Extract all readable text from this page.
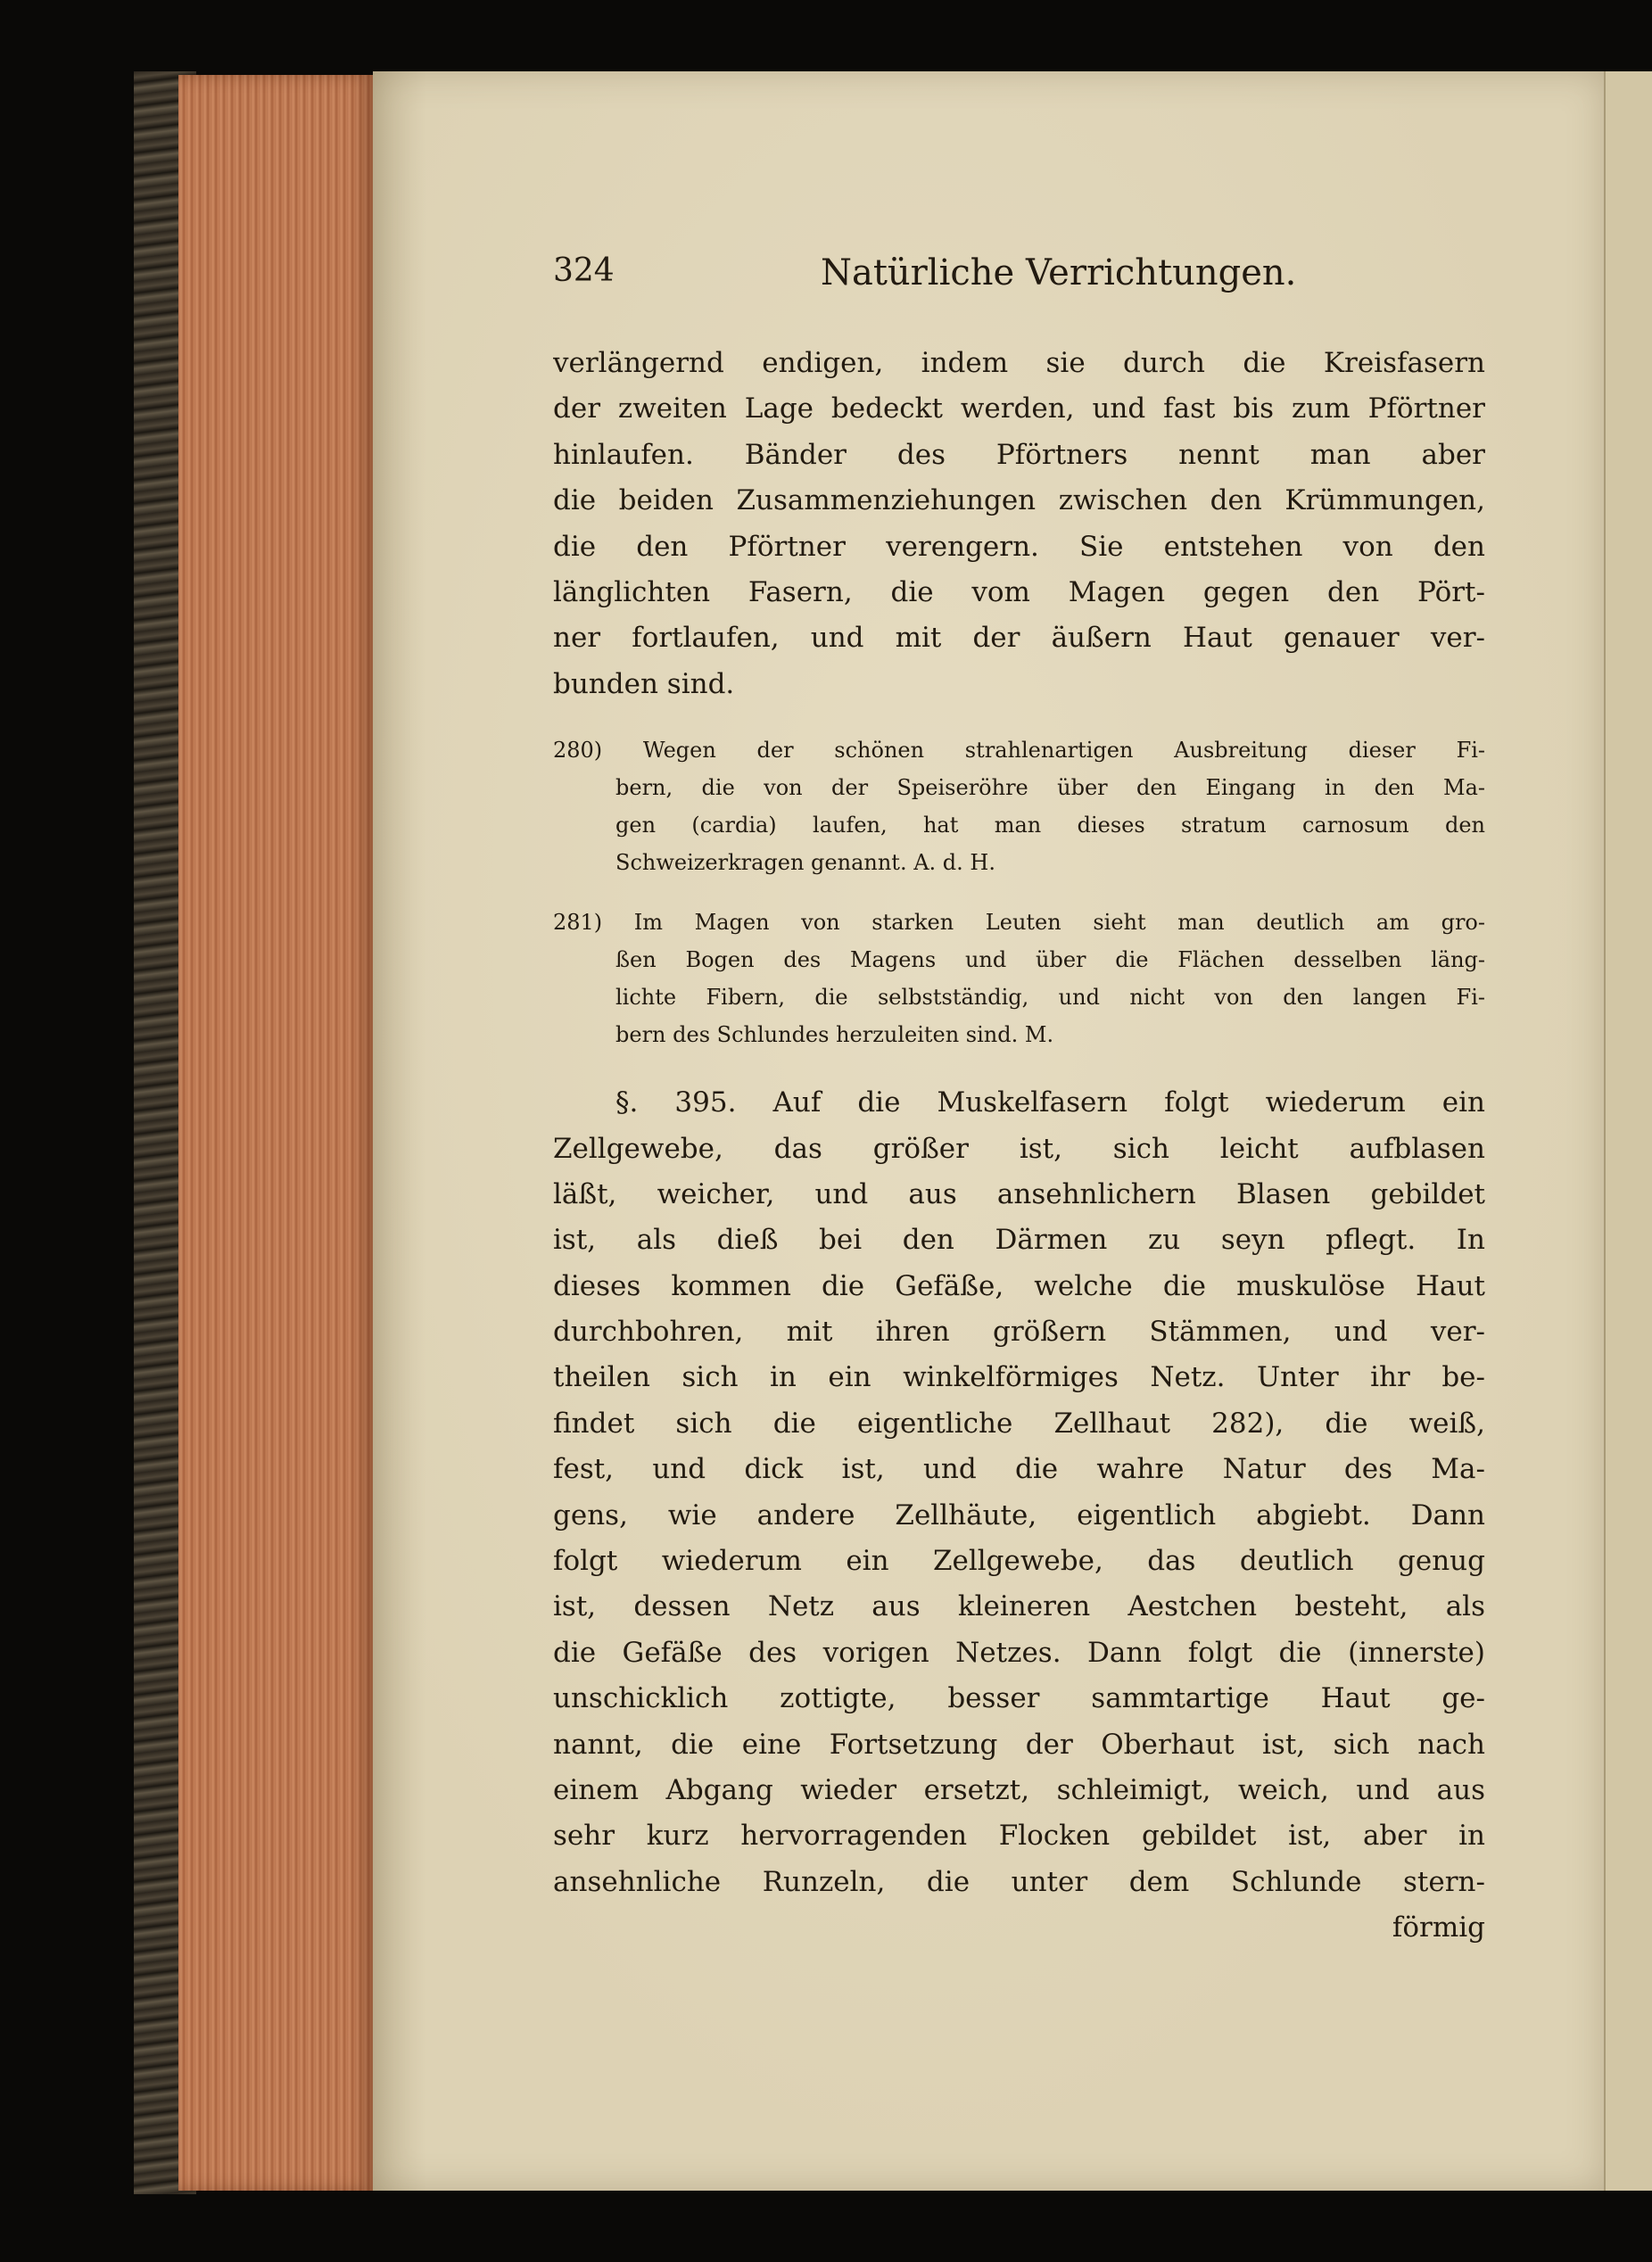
324	Natürliche Verrichtungen.
verlängernd endigen, indem sie durch die Kreisfasern
der zweiten Lage bedeckt werden, und fast bis zum Pförtner
hinlaufen. Bänder des Pförtners nennt man aber
die beiden Zusammenziehungen zwischen den Krümmungen,
die den Pförtner verengern. Sie entstehen von den
länglichten Fasern, die vom Magen gegen den Pört-
ner fortlaufen, und mit der äußern Haut genauer ver-
bunden sind.
280) Wegen der schönen strahlenartigen Ausbreitung dieser Fi-
bern, die von der Speiseröhre über den Eingang in den Ma-
gen (cardia) laufen, hat man dieses stratum carnosum den
Schweizerkragen genannt. A. d. H.
281) Im Magen von starken Leuten sieht man deutlich am gro-
ßen Bogen des Magens und über die Flächen desselben läng-
lichte Fibern, die selbstständig, und nicht von den langen Fi-
bern des Schlundes herzuleiten sind. M.
§. 395. Auf die Muskelfasern folgt wiederum ein
Zellgewebe, das größer ist, sich leicht aufblasen
läßt, weicher, und aus ansehnlichern Blasen gebildet
ist, als dieß bei den Därmen zu seyn pflegt. In
dieses kommen die Gefäße, welche die muskulöse Haut
durchbohren, mit ihren größern Stämmen, und ver-
theilen sich in ein winkelförmiges Netz. Unter ihr be-
findet sich die eigentliche Zellhaut 282), die weiß,
fest, und dick ist, und die wahre Natur des Ma-
gens, wie andere Zellhäute, eigentlich abgiebt. Dann
folgt wiederum ein Zellgewebe, das deutlich genug
ist, dessen Netz aus kleineren Aestchen besteht, als
die Gefäße des vorigen Netzes. Dann folgt die (innerste)
unschicklich zottigte, besser sammtartige Haut ge-
nannt, die eine Fortsetzung der Oberhaut ist, sich nach
einem Abgang wieder ersetzt, schleimigt, weich, und aus
sehr kurz hervorragenden Flocken gebildet ist, aber in
ansehnliche Runzeln, die unter dem Schlunde stern-
förmig
